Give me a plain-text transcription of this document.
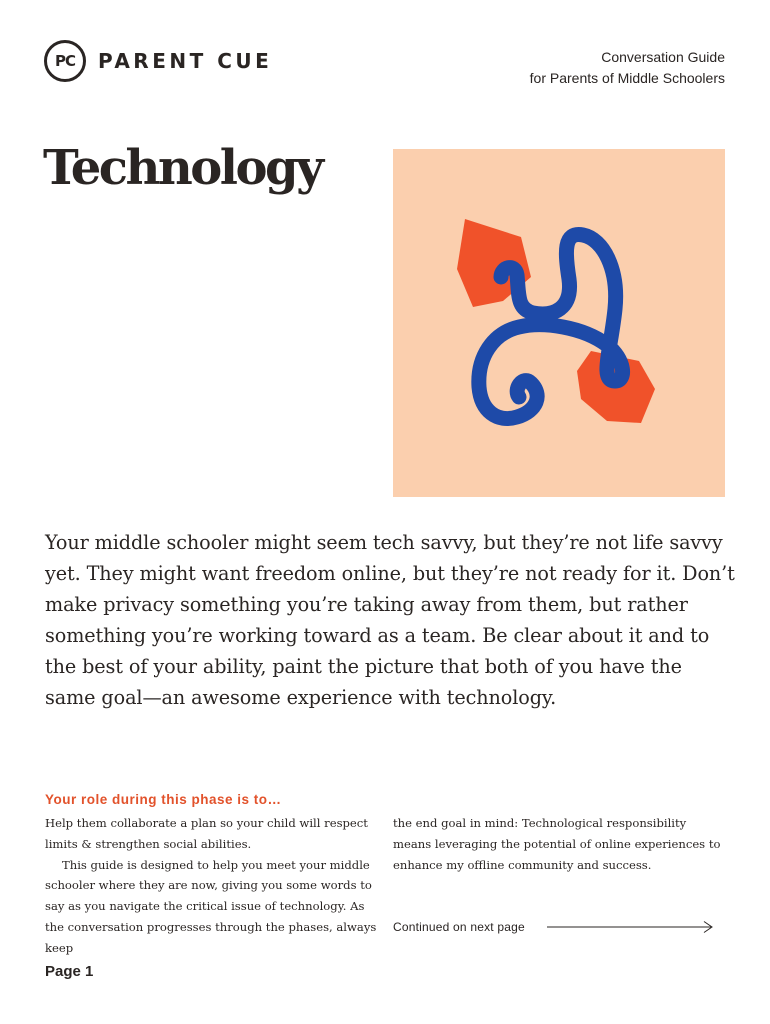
PC	PARENT CUE	Conversation Guide
for Parents of Middle Schoolers
Technology

Your middle schooler might seem tech savvy, but they’re not life savvy yet. They might want freedom online, but they’re not ready for it. Don’t make privacy something you’re taking away from them, but rather something you’re working toward as a team. Be clear about it and to the best of your ability, paint the picture that both of you have the same goal—an awesome experience with technology.

Your role during this phase is to…

Help them collaborate a plan so your child will respect limits & strengthen social abilities.

This guide is designed to help you meet your middle schooler where they are now, giving you some words to say as you navigate the critical issue of technology. As the conversation progresses through the phases, always keep

the end goal in mind: Technological responsibility means leveraging the potential of online experiences to enhance my offline community and success.

Continued on next page
Page 1
